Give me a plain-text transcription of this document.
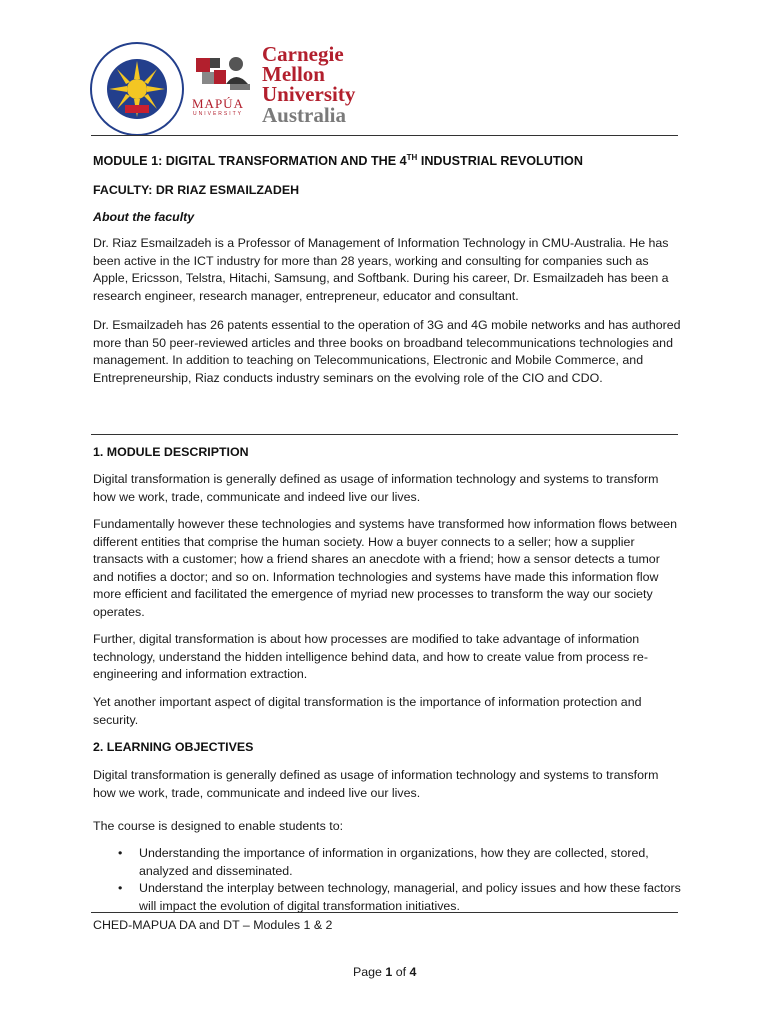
MAPÚA
UNIVERSITY
Carnegie
Mellon
University
Australia
MODULE 1: DIGITAL TRANSFORMATION AND THE 4TH INDUSTRIAL REVOLUTION
FACULTY: DR RIAZ ESMAILZADEH
About the faculty
Dr. Riaz Esmailzadeh is a Professor of Management of Information Technology in CMU-Australia. He has been active in the ICT industry for more than 28 years, working and consulting for companies such as Apple, Ericsson, Telstra, Hitachi, Samsung, and Softbank. During his career, Dr. Esmailzadeh has been a research engineer, research manager, entrepreneur, educator and consultant.
Dr. Esmailzadeh has 26 patents essential to the operation of 3G and 4G mobile networks and has authored more than 50 peer-reviewed articles and three books on broadband telecommunications technologies and management. In addition to teaching on Telecommunications, Electronic and Mobile Commerce, and Entrepreneurship, Riaz conducts industry seminars on the evolving role of the CIO and CDO.
1. MODULE DESCRIPTION
Digital transformation is generally defined as usage of information technology and systems to transform how we work, trade, communicate and indeed live our lives.
Fundamentally however these technologies and systems have transformed how information flows between different entities that comprise the human society. How a buyer connects to a seller; how a supplier transacts with a customer; how a friend shares an anecdote with a friend; how a sensor detects a tumor and notifies a doctor; and so on. Information technologies and systems have made this information flow more efficient and facilitated the emergence of myriad new processes to transform the way our society operates.
Further, digital transformation is about how processes are modified to take advantage of information technology, understand the hidden intelligence behind data, and how to create value from process re-engineering and information extraction.
Yet another important aspect of digital transformation is the importance of information protection and security.
2. LEARNING OBJECTIVES
Digital transformation is generally defined as usage of information technology and systems to transform how we work, trade, communicate and indeed live our lives.
The course is designed to enable students to:
• Understanding the importance of information in organizations, how they are collected, stored, analyzed and disseminated.
• Understand the interplay between technology, managerial, and policy issues and how these factors will impact the evolution of digital transformation initiatives.
CHED-MAPUA DA and DT – Modules 1 & 2
Page 1 of 4
